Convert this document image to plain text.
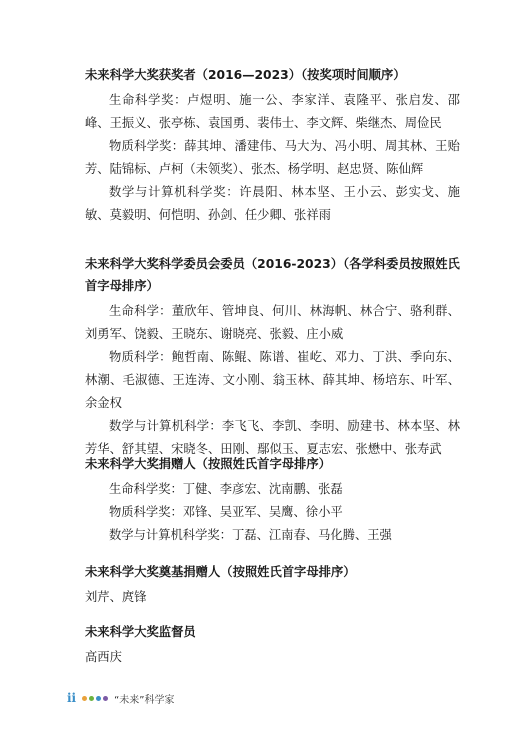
未来科学大奖获奖者（2016—2023）（按奖项时间顺序）

生命科学奖：卢煜明、施一公、李家洋、袁隆平、张启发、邵峰、王振义、张亭栋、袁国勇、裴伟士、李文辉、柴继杰、周俭民

物质科学奖：薛其坤、潘建伟、马大为、冯小明、周其林、王贻芳、陆锦标、卢柯（未领奖）、张杰、杨学明、赵忠贤、陈仙辉

数学与计算机科学奖：许晨阳、林本坚、王小云、彭实戈、施敏、莫毅明、何恺明、孙剑、任少卿、张祥雨

未来科学大奖科学委员会委员（2016-2023）（各学科委员按照姓氏首字母排序）

生命科学：董欣年、管坤良、何川、林海帆、林合宁、骆利群、刘勇军、饶毅、王晓东、谢晓亮、张毅、庄小威

物质科学：鲍哲南、陈鲲、陈谱、崔屹、邓力、丁洪、季向东、林潮、毛淑德、王连涛、文小刚、翁玉林、薛其坤、杨培东、叶军、余金权

数学与计算机科学：李飞飞、李凯、李明、励建书、林本坚、林芳华、舒其望、宋晓冬、田刚、鄢似玉、夏志宏、张懋中、张寿武

未来科学大奖捐赠人（按照姓氏首字母排序）

生命科学奖：丁健、李彦宏、沈南鹏、张磊

物质科学奖：邓锋、吴亚军、吴鹰、徐小平

数学与计算机科学奖：丁磊、江南春、马化腾、王强

未来科学大奖奠基捐赠人（按照姓氏首字母排序）

刘芹、庹锋

未来科学大奖监督员

高西庆

ii	“未来”科学家
